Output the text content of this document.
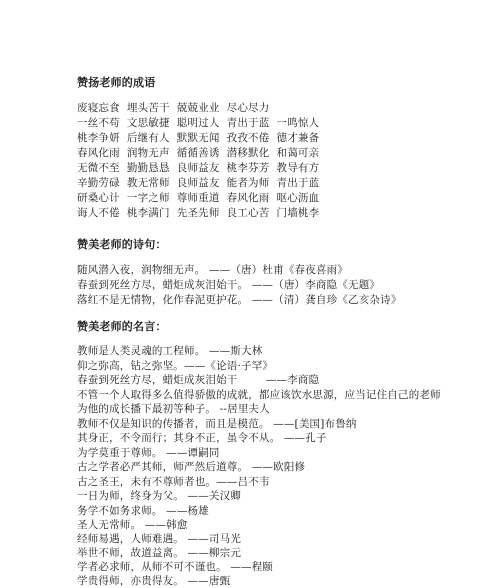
赞扬老师的成语
废寝忘食  埋头苦干  兢兢业业  尽心尽力
一丝不苟  文思敏捷  聪明过人  青出于蓝  一鸣惊人
桃李争妍  后继有人  默默无闻  孜孜不倦  德才兼备
春风化雨  润物无声  循循善诱  潜移默化  和蔼可亲
无微不至  勤勤恳恳  良师益友  桃李芬芳  教导有方
辛勤劳碌  教无常师  良师益友  能者为师  青出于蓝
研桑心计  一字之师  尊师重道  春风化雨  呕心沥血
诲人不倦  桃李满门  先圣先师  良工心苦  门墙桃李
赞美老师的诗句：
随风潜入夜，润物细无声。 ——（唐）杜甫《春夜喜雨》
春蚕到死丝方尽，蜡炬成灰泪始干。 ——（唐）李商隐《无题》
落红不是无情物，化作春泥更护花。 ——（清）龚自珍《乙亥杂诗》
赞美老师的名言：
教师是人类灵魂的工程师。 ——斯大林
仰之弥高，钻之弥坚。——《论语·子罕》
春蚕到死丝方尽，蜡炬成灰泪始干        ——李商隐
不管一个人取得多么值得骄傲的成就，都应该饮水思源，应当记住自己的老师
为他的成长播下最初等种子。 --居里夫人
教师不仅是知识的传播者，而且是模范。 ——[美国]布鲁纳
其身正，不令而行；其身不正，虽令不从。 ——孔子
为学莫重于尊师。 ——谭嗣同
古之学者必严其师，师严然后道尊。 ——欧阳修
古之圣王，未有不尊师者也。——吕不韦
一日为师，终身为父。 ——关汉卿
务学不如务求师。 ——杨雄
圣人无常师。 ——韩愈
经师易遇，人师难遇。 ——司马光
举世不师，故道益离。 ——柳宗元
学者必求师，从师不可不谨也。 ——程颐
学贵得师，亦贵得友。 ——唐甄
